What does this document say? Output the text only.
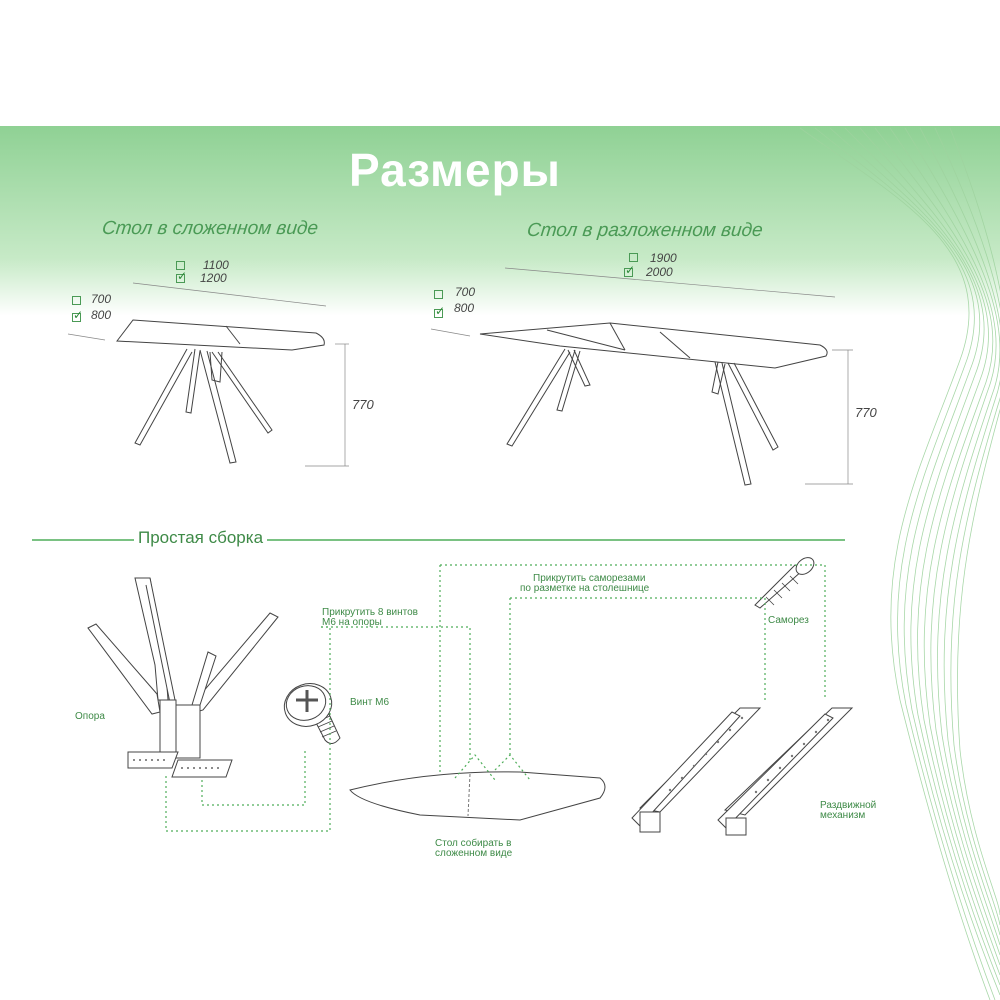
Размеры
Стол в сложенном виде	Стол в разложенном виде
1100
✓
1200
700
✓
800
770
1900
✓
2000
700
✓
800
770
Простая сборка
Опора
Винт М6
Прикрутить 8 винтов
М6 на опоры
Прикрутить саморезами
по разметке на столешнице
Саморез
Стол собирать в
сложенном виде
Раздвижной
механизм
